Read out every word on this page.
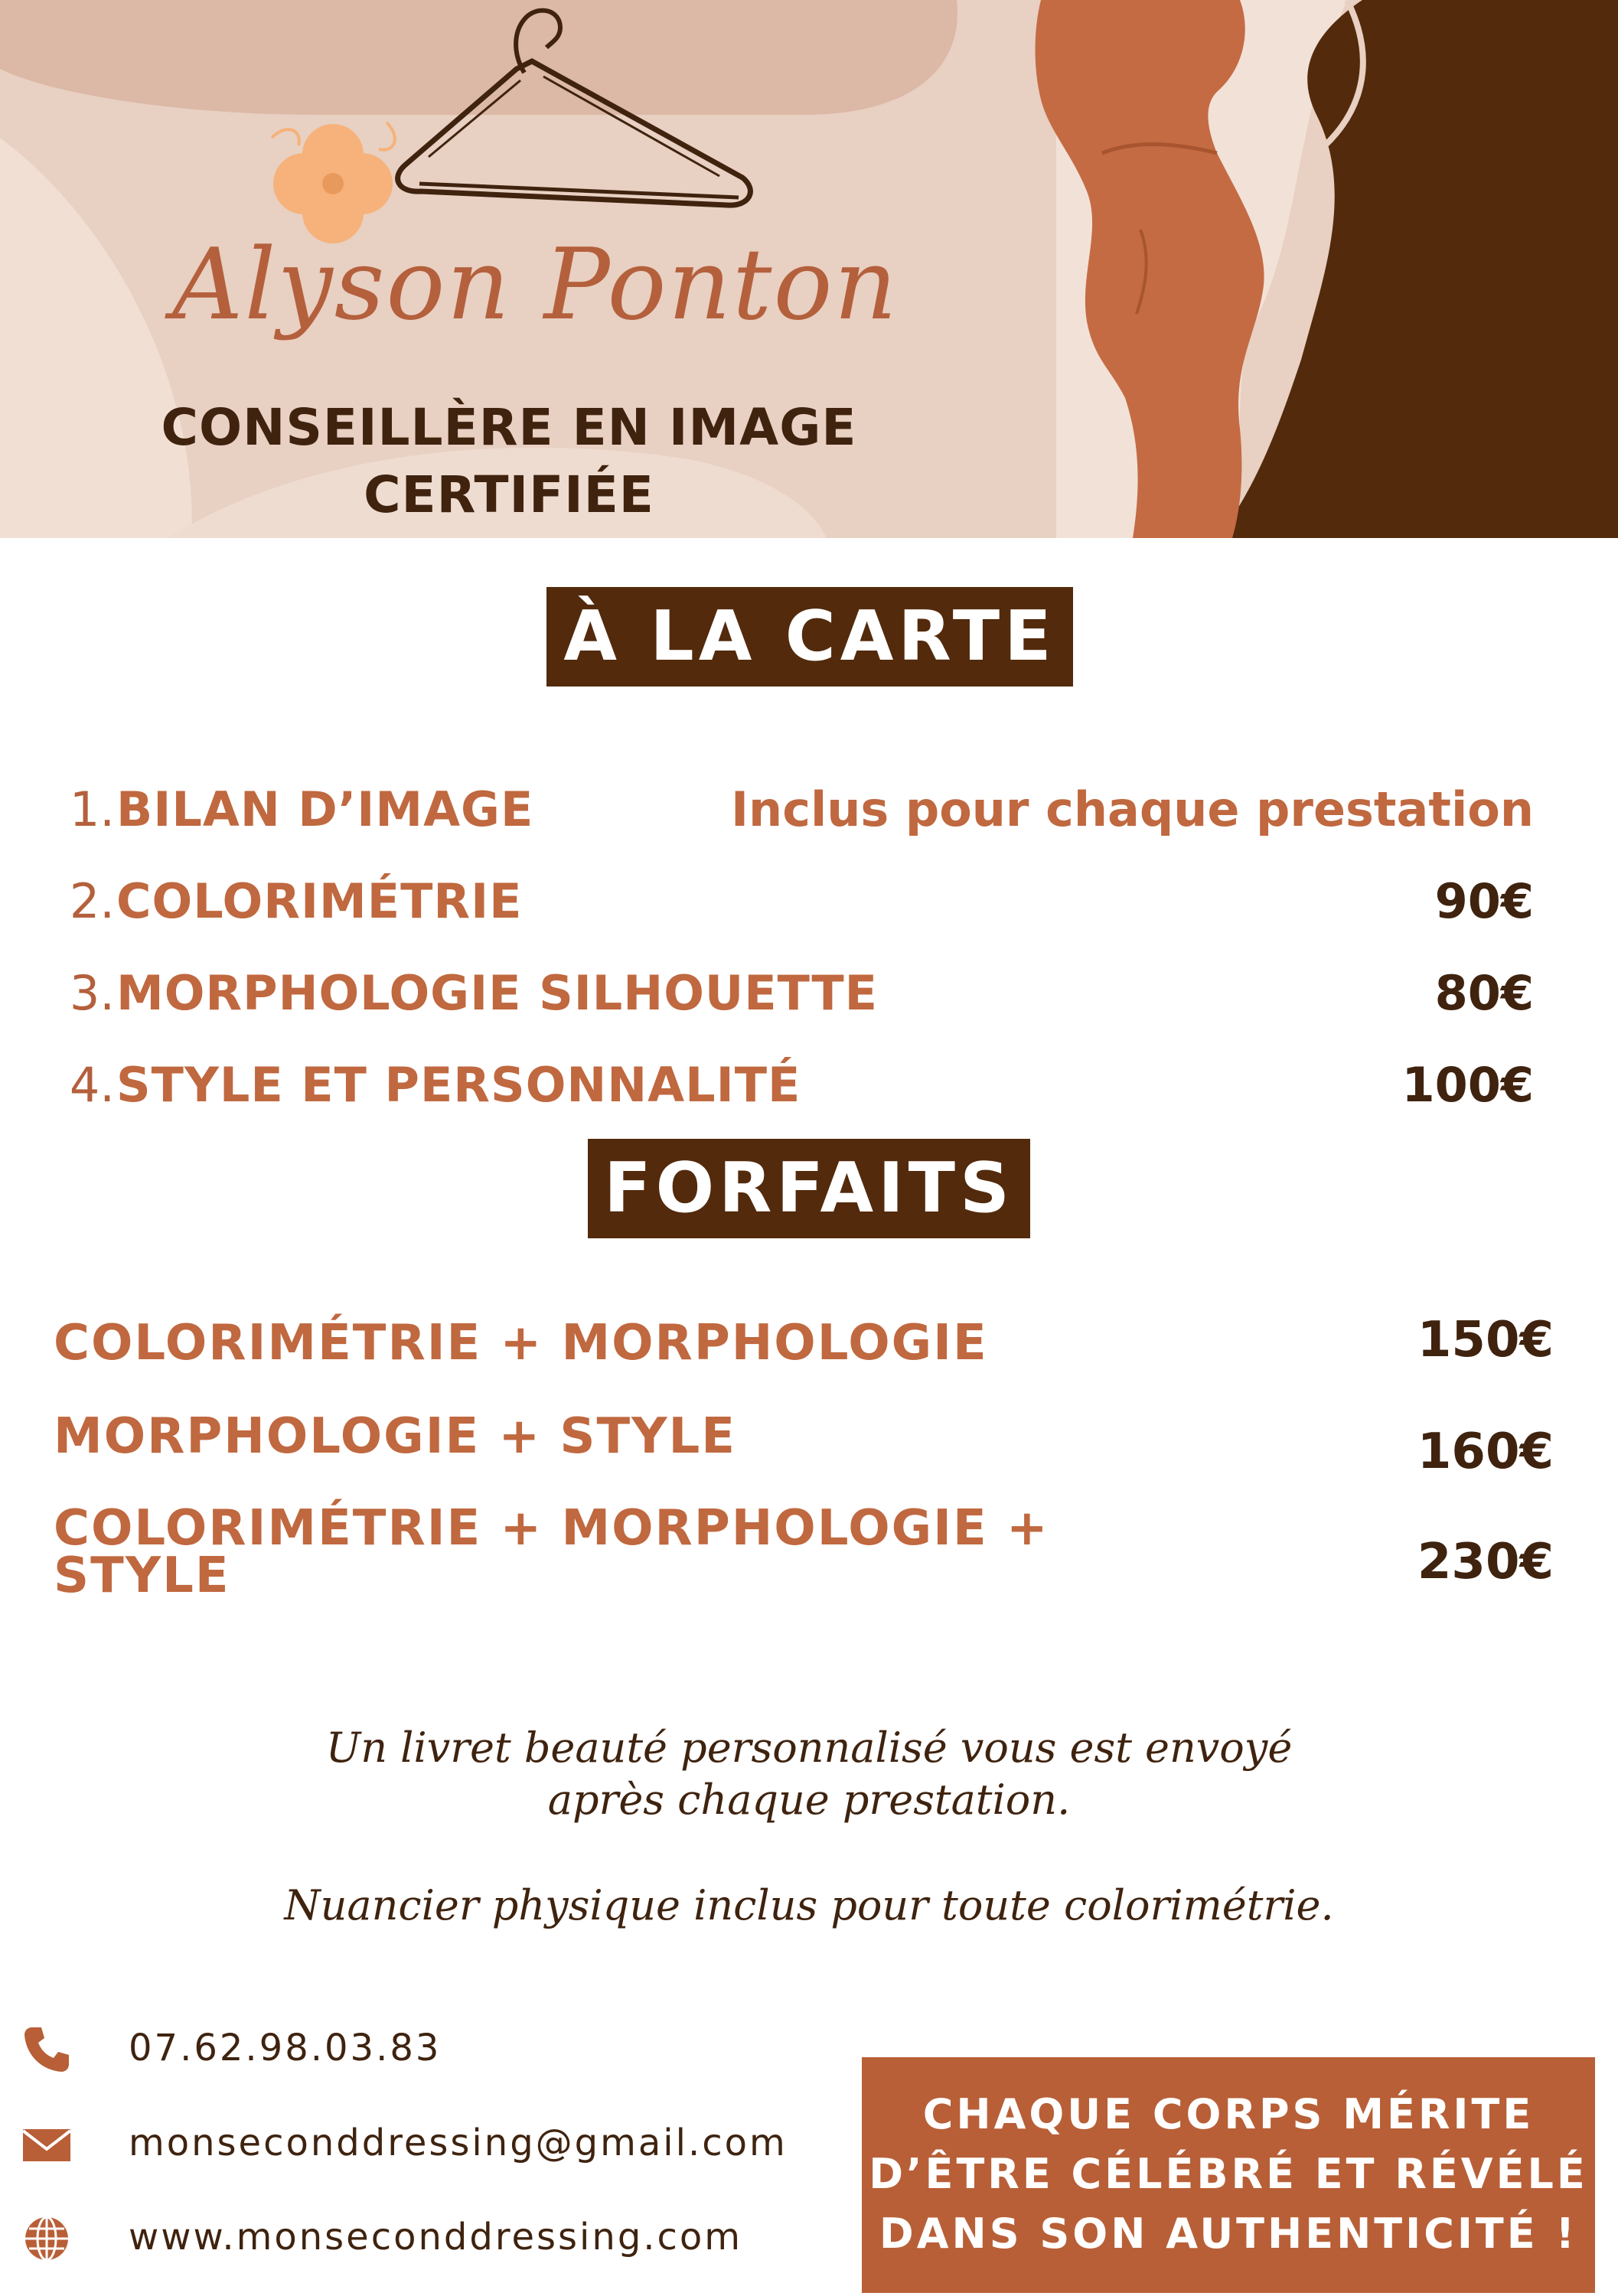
Alyson Ponton
CONSEILLÈRE EN IMAGE
CERTIFIÉE
À LA CARTE
1. BILAN D’IMAGE	Inclus pour chaque prestation
2. COLORIMÉTRIE	90€
3. MORPHOLOGIE SILHOUETTE	80€
4. STYLE ET PERSONNALITÉ	100€
FORFAITS
COLORIMÉTRIE + MORPHOLOGIE	150€
MORPHOLOGIE + STYLE	160€
COLORIMÉTRIE + MORPHOLOGIE +
STYLE	230€
Un livret beauté personnalisé vous est envoyé
après chaque prestation.
Nuancier physique inclus pour toute colorimétrie.
07.62.98.03.83
monseconddressing@gmail.com
www.monseconddressing.com
CHAQUE CORPS MÉRITE
D’ÊTRE CÉLÉBRÉ ET RÉVÉLÉ
DANS SON AUTHENTICITÉ !
